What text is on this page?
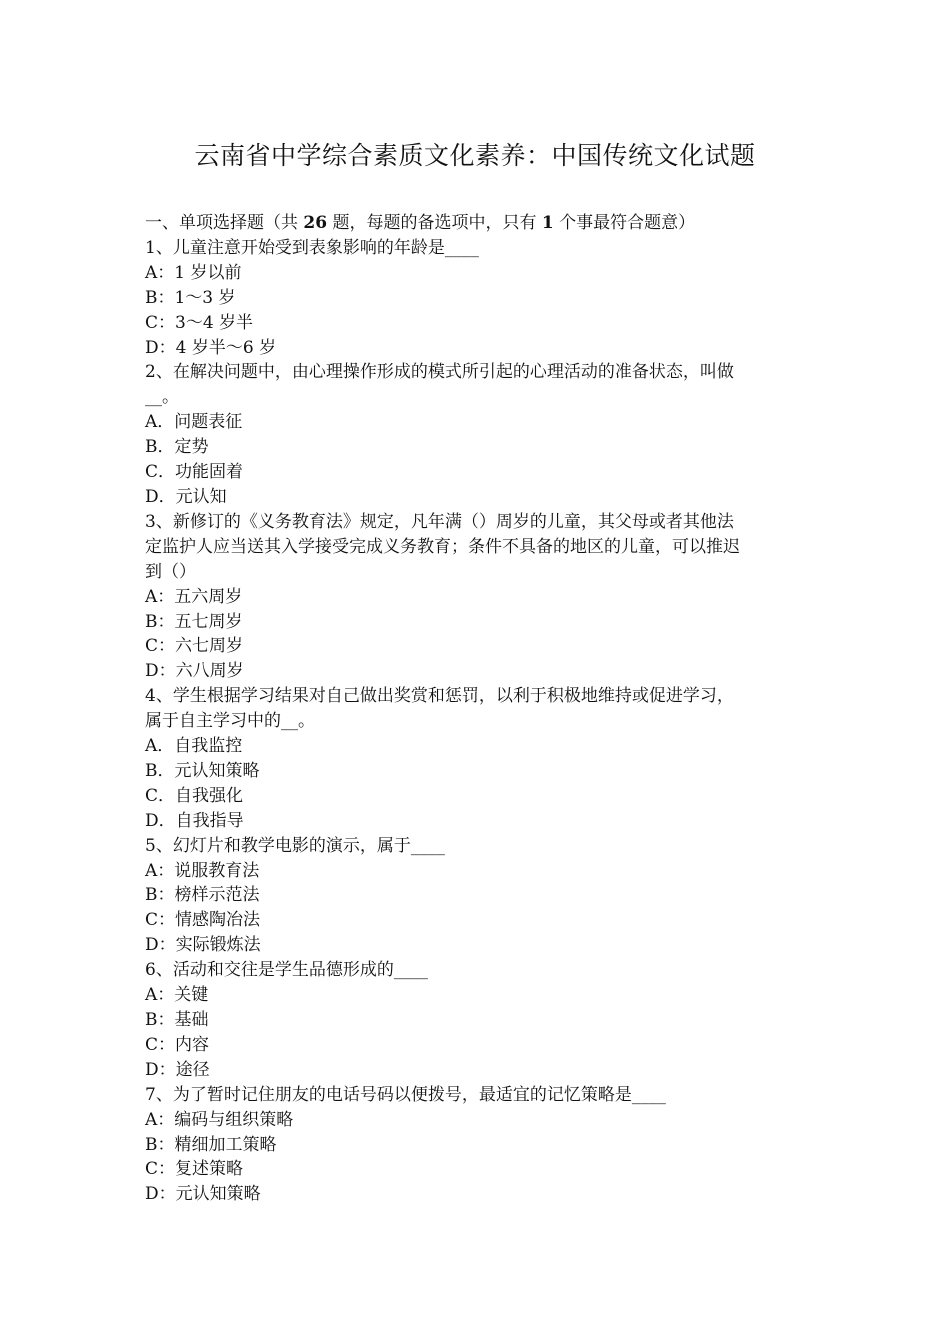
云南省中学综合素质文化素养：中国传统文化试题
一、单项选择题（共 26 题，每题的备选项中，只有 1 个事最符合题意）
1、儿童注意开始受到表象影响的年龄是____
A：1 岁以前
B：1～3 岁
C：3～4 岁半
D：4 岁半～6 岁
2、在解决问题中，由心理操作形成的模式所引起的心理活动的准备状态，叫做
__。
A．问题表征
B．定势
C．功能固着
D．元认知
3、新修订的《义务教育法》规定，凡年满（）周岁的儿童，其父母或者其他法
定监护人应当送其入学接受完成义务教育；条件不具备的地区的儿童，可以推迟
到（）
A：五六周岁
B：五七周岁
C：六七周岁
D：六八周岁
4、学生根据学习结果对自己做出奖赏和惩罚，以利于积极地维持或促进学习，
属于自主学习中的__。
A．自我监控
B．元认知策略
C．自我强化
D．自我指导
5、幻灯片和教学电影的演示，属于____
A：说服教育法
B：榜样示范法
C：情感陶冶法
D：实际锻炼法
6、活动和交往是学生品德形成的____
A：关键
B：基础
C：内容
D：途径
7、为了暂时记住朋友的电话号码以便拨号，最适宜的记忆策略是____
A：编码与组织策略
B：精细加工策略
C：复述策略
D：元认知策略
